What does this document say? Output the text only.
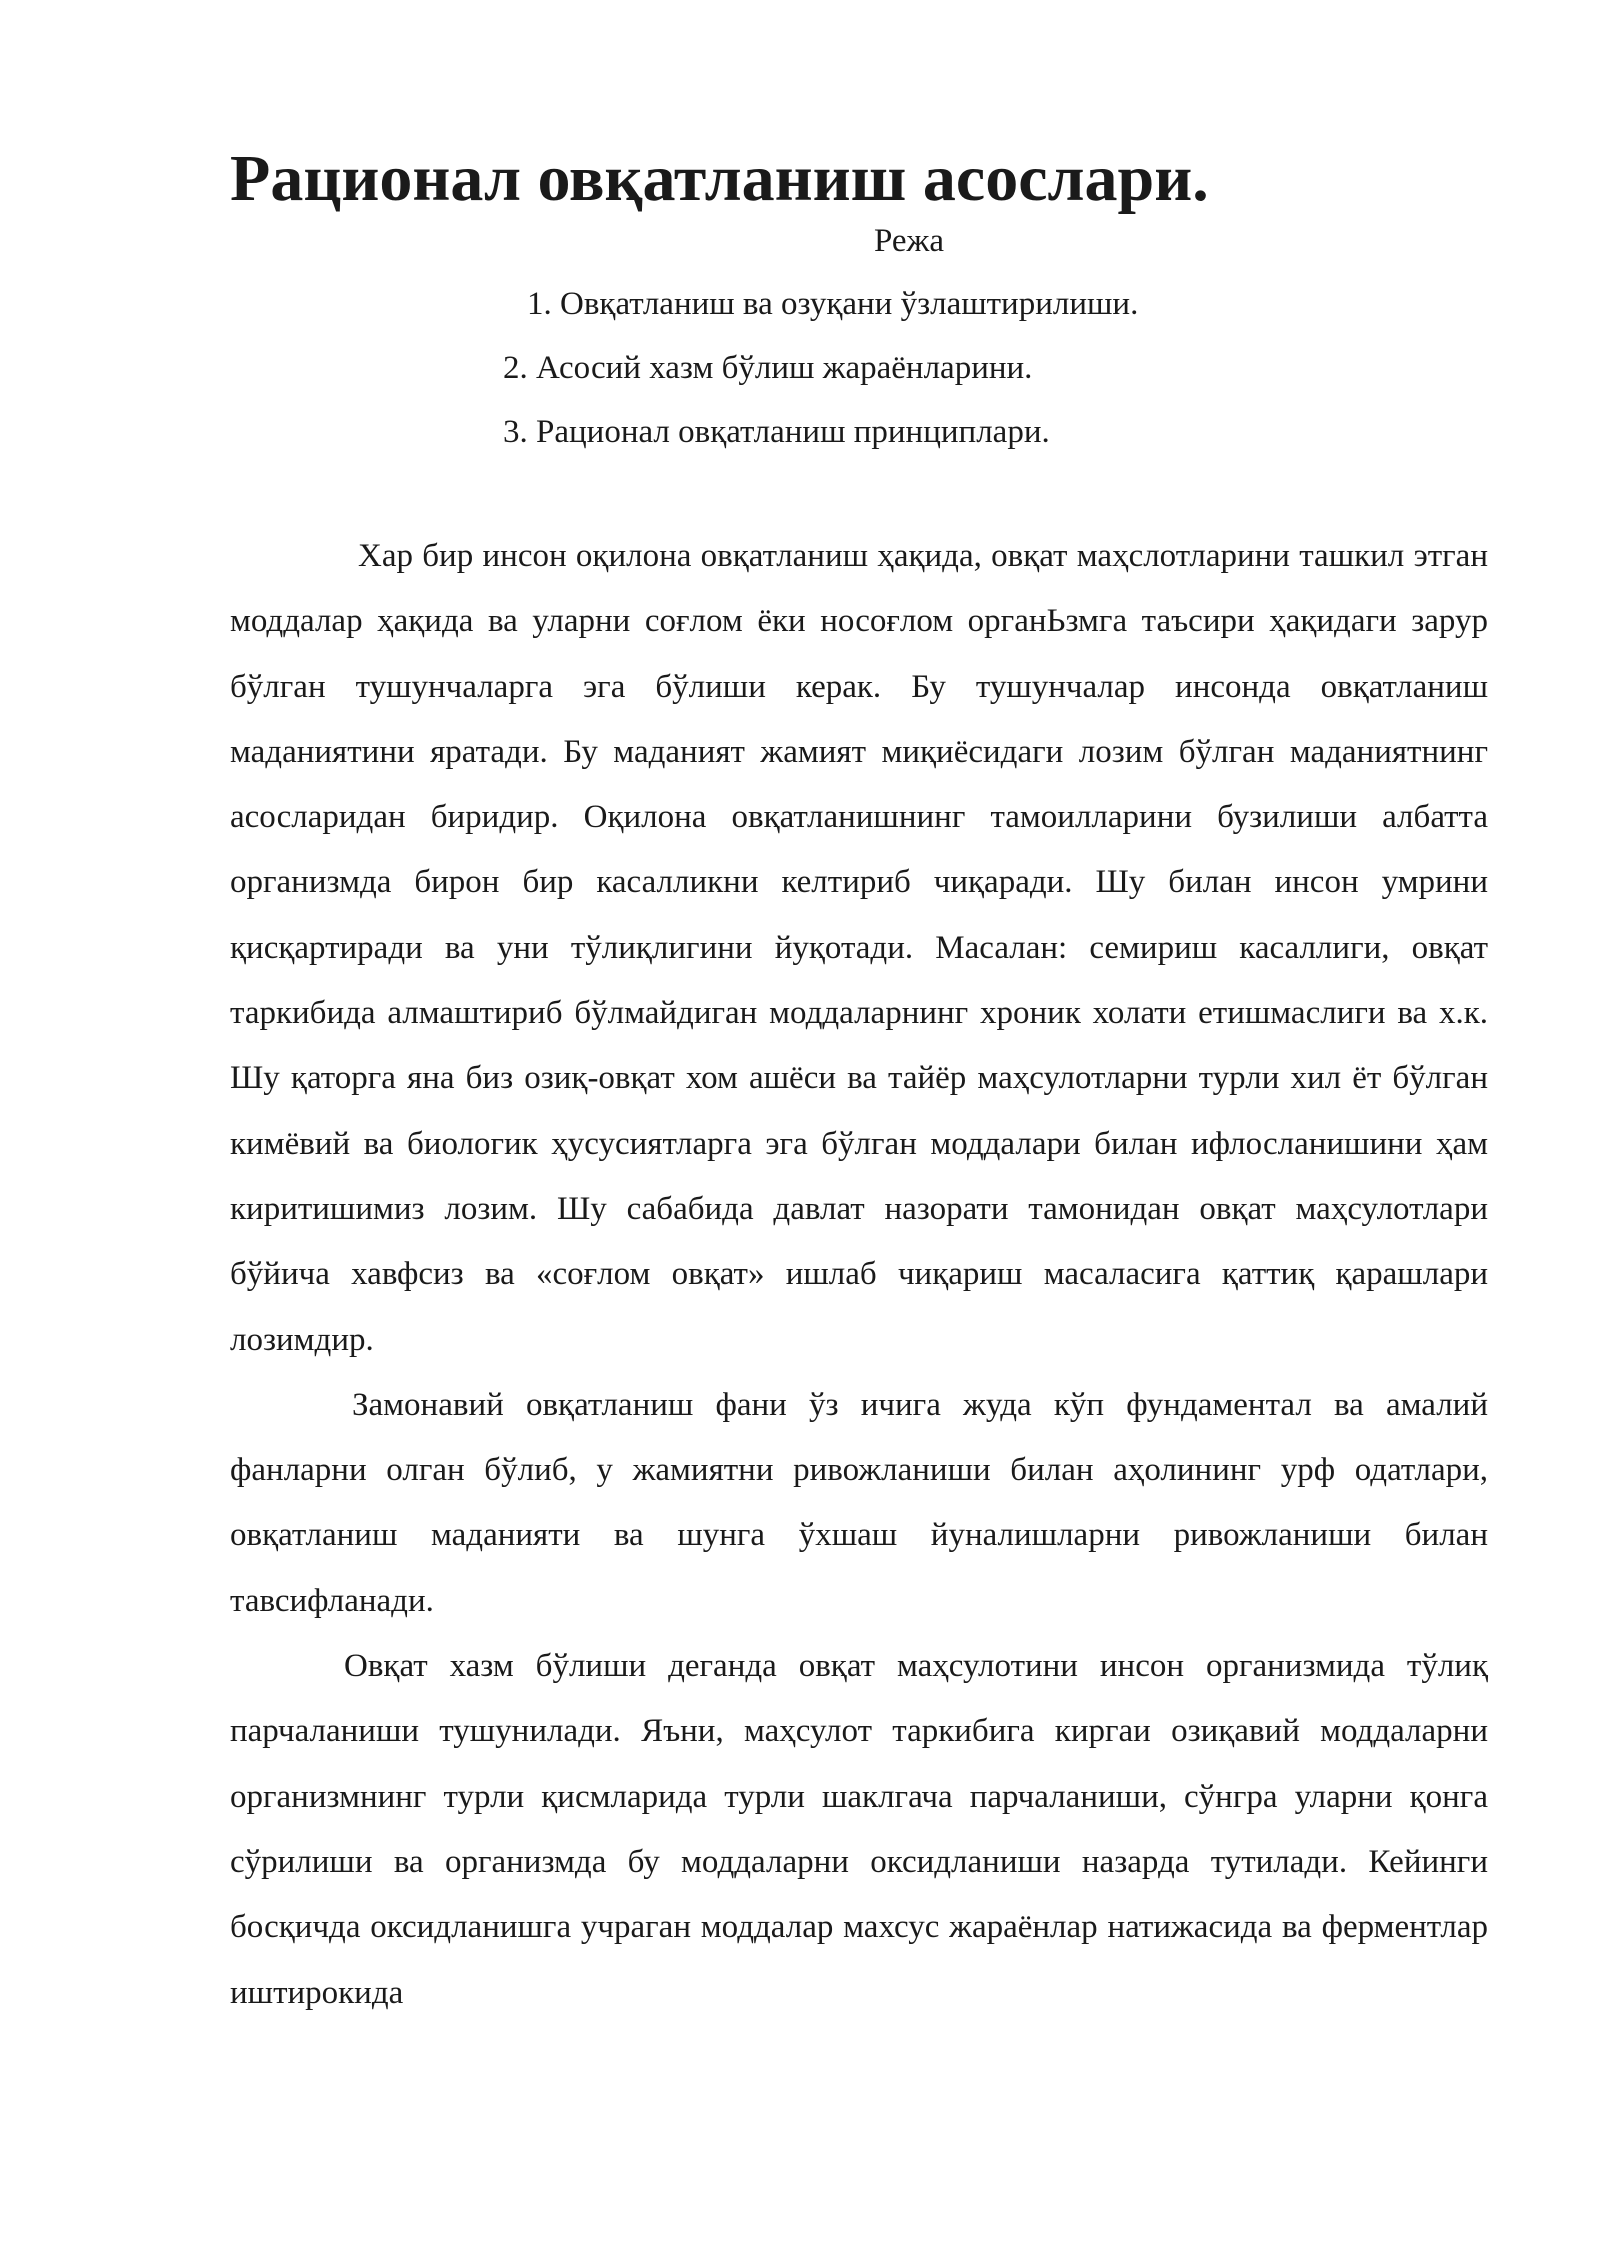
Рационал овқатланиш асослари.

Режа

1. Овқатланиш ва озуқани ўзлаштирилиши.
2. Асосий хазм бўлиш жараёнларини.
3. Рационал овқатланиш принциплари.

Хар бир инсон оқилона овқатланиш ҳақида, овқат маҳслотларини ташкил этган моддалар ҳақида ва уларни соғлом ёки носоғлом органЬзмга таъсири ҳақидаги зарур бўлган тушунчаларга эга бўлиши керак. Бу тушунчалар инсонда овқатланиш маданиятини яратади. Бу маданият жамият миқиёсидаги лозим бўлган маданиятнинг асосларидан биридир. Оқилона овқатланишнинг тамоилларини бузилиши албатта организмда бирон бир касалликни келтириб чиқаради. Шу билан инсон умрини қисқартиради ва уни тўлиқлигини йуқотади. Масалан: семириш касаллиги, овқат таркибида алмаштириб бўлмайдиган моддаларнинг хроник холати етишмаслиги ва х.к. Шу қаторга яна биз озиқ-овқат хом ашёси ва тайёр маҳсулотларни турли хил ёт бўлган кимёвий ва биологик ҳусусиятларга эга бўлган моддалари билан ифлосланишини ҳам киритишимиз лозим. Шу сабабида давлат назорати тамонидан овқат маҳсулотлари бўйича хавфсиз ва «соғлом овқат» ишлаб чиқариш масаласига қаттиқ қарашлари лозимдир.

Замонавий овқатланиш фани ўз ичига жуда кўп фундаментал ва амалий фанларни олган бўлиб, у жамиятни ривожланиши билан аҳолининг урф одатлари, овқатланиш маданияти ва шунга ўхшаш йуналишларни ривожланиши билан тавсифланади.

Овқат хазм бўлиши деганда овқат маҳсулотини инсон организмида тўлиқ парчаланиши тушунилади. Яъни, маҳсулот таркибига киргаи озиқавий моддаларни организмнинг турли қисмларида турли шаклгача парчаланиши, сўнгра уларни қонга сўрилиши ва организмда бу моддаларни оксидланиши назарда тутилади. Кейинги босқичда оксидланишга учраган моддалар махсус жараёнлар натижасида ва ферментлар иштирокида
